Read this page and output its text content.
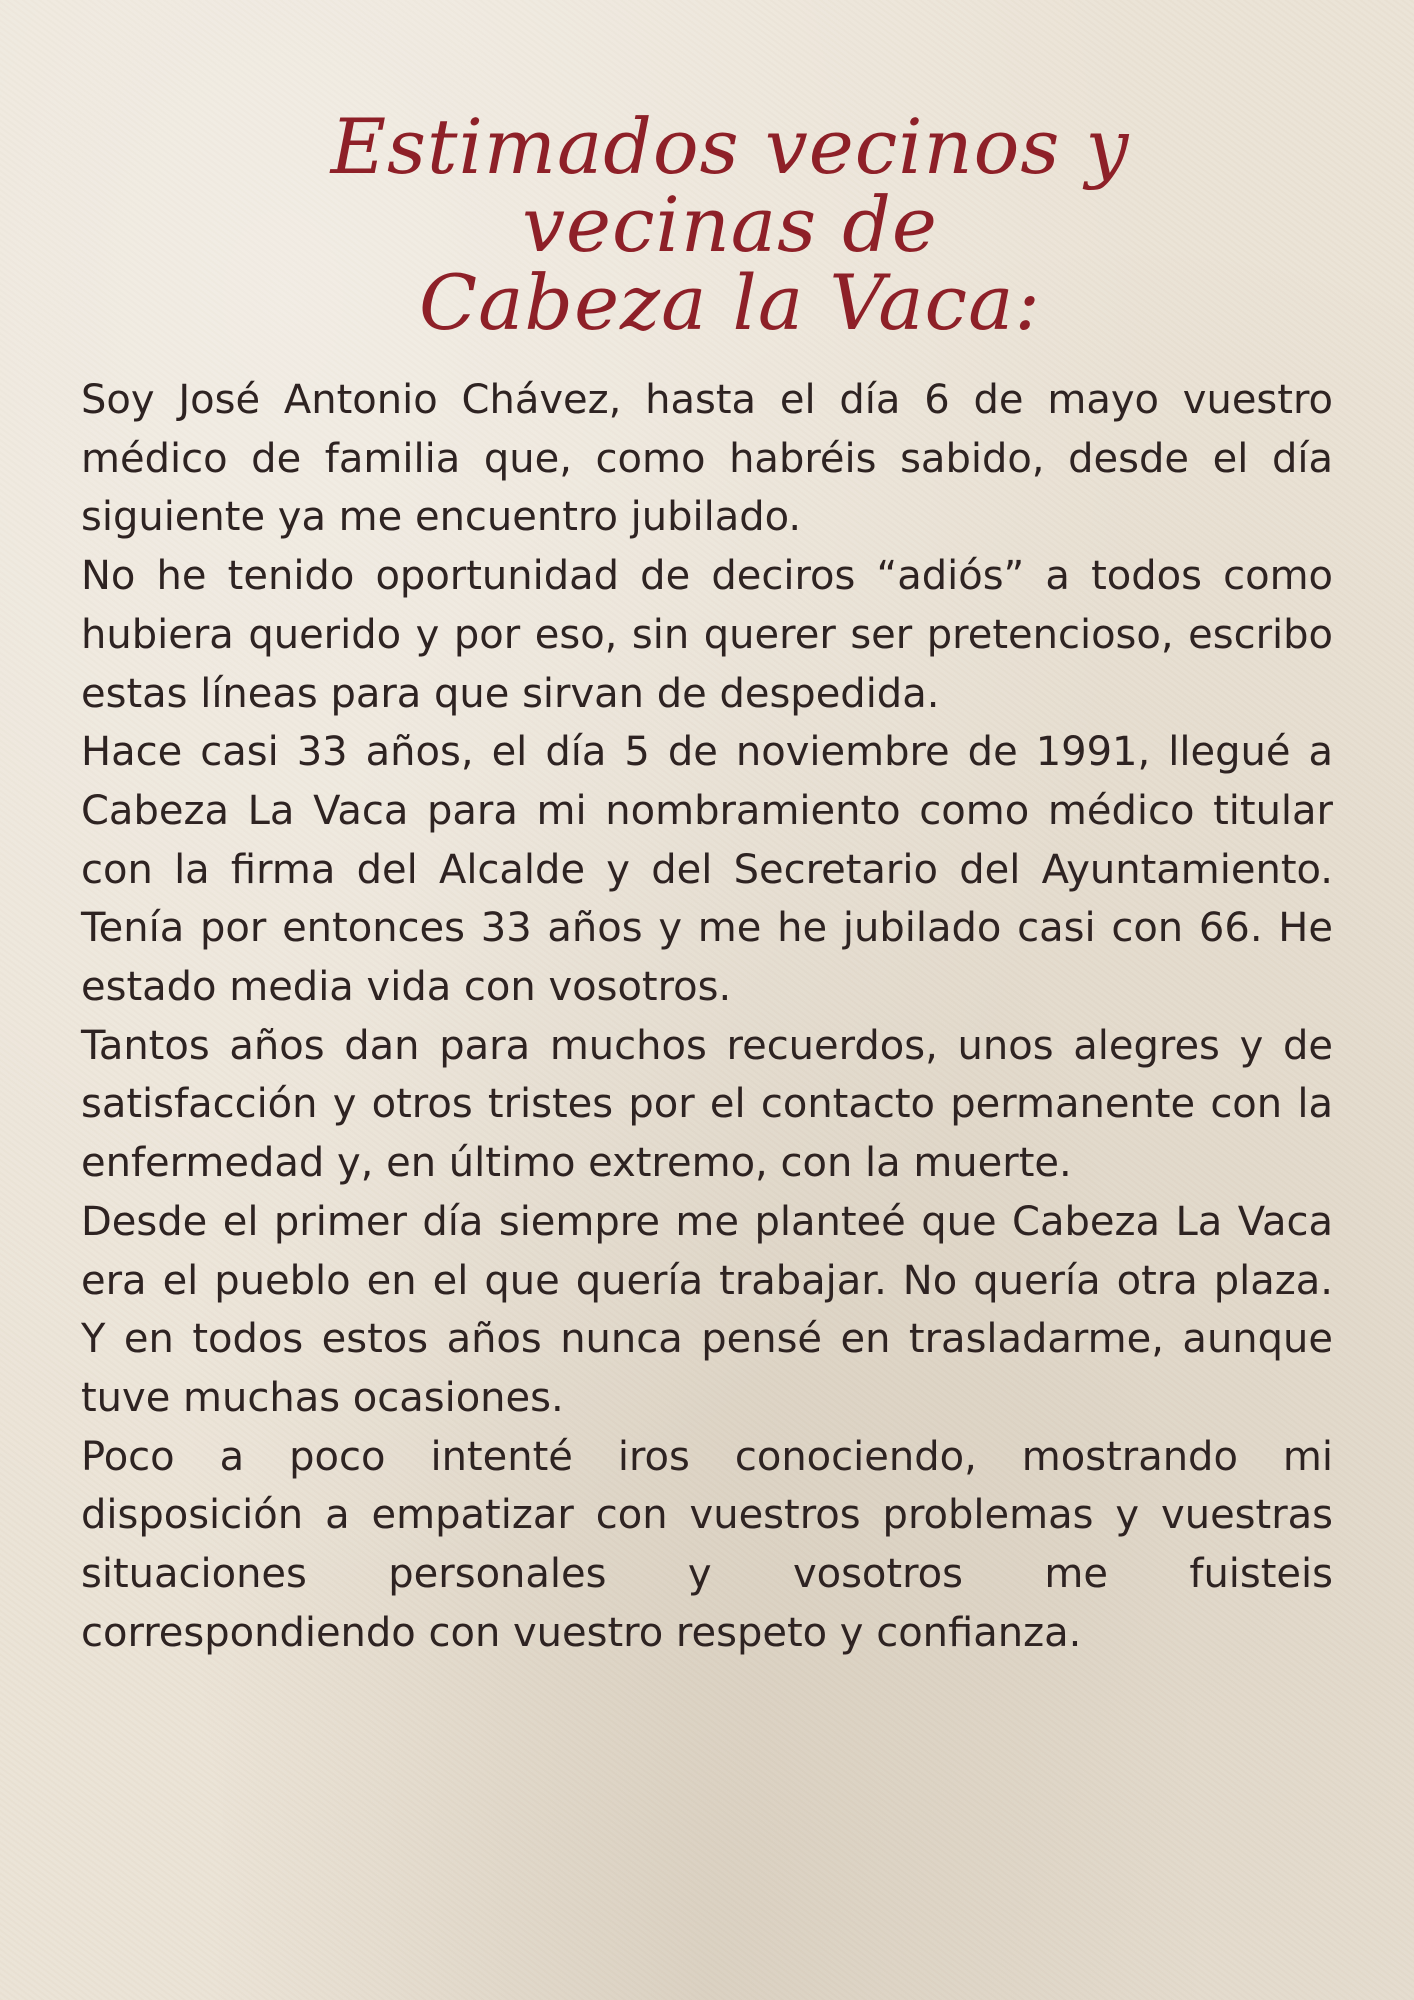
Estimados vecinos y vecinas de
Cabeza la Vaca:

Soy José Antonio Chávez, hasta el día 6 de mayo vuestro médico de familia que, como habréis sabido, desde el día siguiente ya me encuentro jubilado.

No he tenido oportunidad de deciros “adiós” a todos como hubiera querido y por eso, sin querer ser pretencioso, escribo estas líneas para que sirvan de despedida.

Hace casi 33 años, el día 5 de noviembre de 1991, llegué a Cabeza La Vaca para mi nombramiento como médico titular con la firma del Alcalde y del Secretario del Ayuntamiento. Tenía por entonces 33 años y me he jubilado casi con 66. He estado media vida con vosotros.

Tantos años dan para muchos recuerdos, unos alegres y de satisfacción y otros tristes por el contacto permanente con la enfermedad y, en último extremo, con la muerte.

Desde el primer día siempre me planteé que Cabeza La Vaca era el pueblo en el que quería trabajar. No quería otra plaza. Y en todos estos años nunca pensé en trasladarme, aunque tuve muchas ocasiones.

Poco a poco intenté iros conociendo, mostrando mi disposición a empatizar con vuestros problemas y vuestras situaciones personales y vosotros me fuisteis correspondiendo con vuestro respeto y confianza.
